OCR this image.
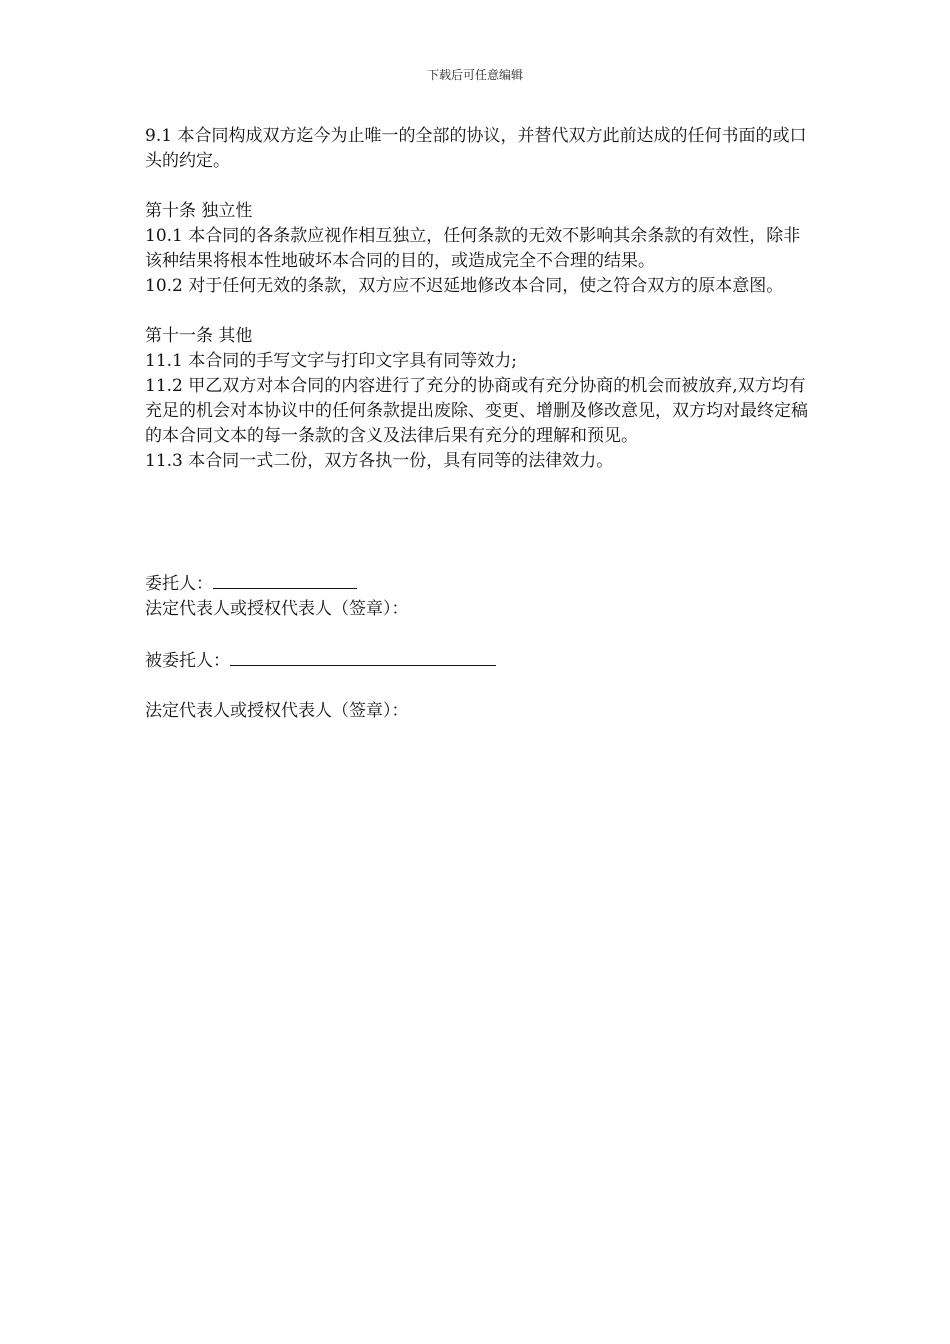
下载后可任意编辑

9.1 本合同构成双方迄今为止唯一的全部的协议，并替代双方此前达成的任何书面的或口头的约定。

第十条 独立性

10.1 本合同的各条款应视作相互独立，任何条款的无效不影响其余条款的有效性，除非该种结果将根本性地破坏本合同的目的，或造成完全不合理的结果。

10.2 对于任何无效的条款，双方应不迟延地修改本合同，使之符合双方的原本意图。

第十一条 其他

11.1 本合同的手写文字与打印文字具有同等效力;

11.2 甲乙双方对本合同的内容进行了充分的协商或有充分协商的机会而被放弃,双方均有充足的机会对本协议中的任何条款提出废除、变更、增删及修改意见，双方均对最终定稿的本合同文本的每一条款的含义及法律后果有充分的理解和预见。

11.3 本合同一式二份，双方各执一份，具有同等的法律效力。

委托人：

法定代表人或授权代表人（签章）：

被委托人：

法定代表人或授权代表人（签章）：
